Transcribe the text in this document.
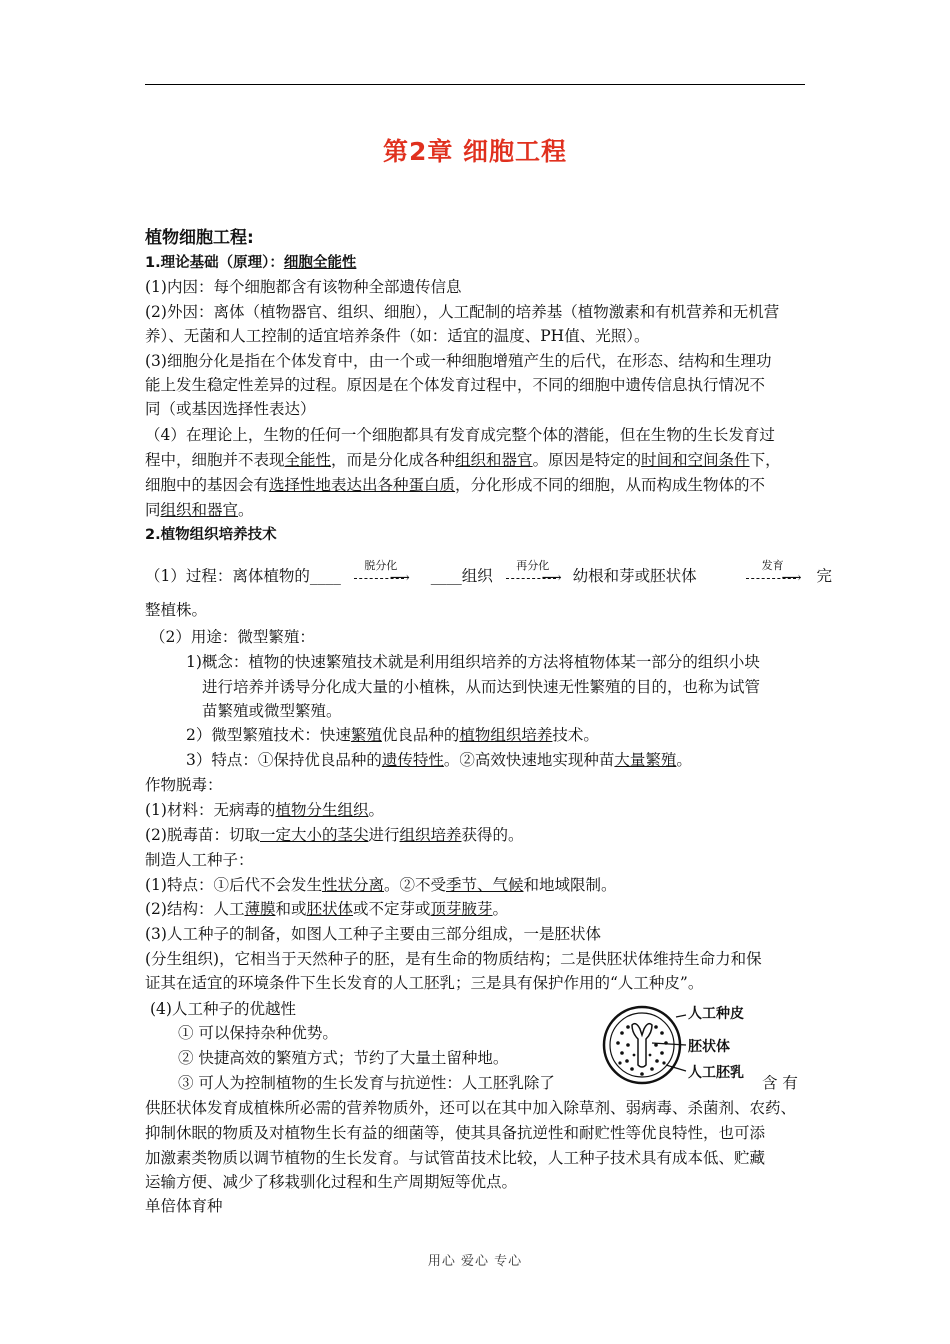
第2章 细胞工程
植物细胞工程:
1.理论基础（原理）：细胞全能性
(1)内因：每个细胞都含有该物种全部遗传信息
(2)外因：离体（植物器官、组织、细胞），人工配制的培养基（植物激素和有机营养和无机营
养）、无菌和人工控制的适宜培养条件（如：适宜的温度、PH值、光照）。
(3)细胞分化是指在个体发育中，由一个或一种细胞增殖产生的后代，在形态、结构和生理功
能上发生稳定性差异的过程。原因是在个体发育过程中，不同的细胞中遗传信息执行情况不
同（或基因选择性表达）
（4）在理论上，生物的任何一个细胞都具有发育成完整个体的潜能，但在生物的生长发育过
程中，细胞并不表现全能性，而是分化成各种组织和器官。原因是特定的时间和空间条件下，
细胞中的基因会有选择性地表达出各种蛋白质，分化形成不同的细胞，从而构成生物体的不
同组织和器官。
2.植物组织培养技术
（1）过程：离体植物的____
脱分化
⟶ ____组织
再分化
⟶ 幼根和芽或胚状体
发育
⟶ 完
整植株。
（2）用途：微型繁殖：
1)概念：植物的快速繁殖技术就是利用组织培养的方法将植物体某一部分的组织小块
进行培养并诱导分化成大量的小植株，从而达到快速无性繁殖的目的，也称为试管
苗繁殖或微型繁殖。
2）微型繁殖技术：快速繁殖优良品种的植物组织培养技术。
3）特点：①保持优良品种的遗传特性。②高效快速地实现种苗大量繁殖。
作物脱毒：
(1)材料：无病毒的植物分生组织。
(2)脱毒苗：切取一定大小的茎尖进行组织培养获得的。
制造人工种子：
(1)特点：①后代不会发生性状分离。②不受季节、气候和地域限制。
(2)结构：人工薄膜和或胚状体或不定芽或顶芽腋芽。
(3)人工种子的制备，如图人工种子主要由三部分组成，一是胚状体
(分生组织)，它相当于天然种子的胚，是有生命的物质结构；二是供胚状体维持生命力和保
证其在适宜的环境条件下生长发育的人工胚乳；三是具有保护作用的“人工种皮”。
(4)人工种子的优越性
① 可以保持杂种优势。
② 快捷高效的繁殖方式；节约了大量土留种地。
③ 可人为控制植物的生长发育与抗逆性：人工胚乳除了	含 有
供胚状体发育成植株所必需的营养物质外，还可以在其中加入除草剂、弱病毒、杀菌剂、农药、
抑制休眠的物质及对植物生长有益的细菌等，使其具备抗逆性和耐贮性等优良特性，也可添
加激素类物质以调节植物的生长发育。与试管苗技术比较，人工种子技术具有成本低、贮藏
运输方便、减少了移栽驯化过程和生产周期短等优点。
单倍体育种
人工种皮
胚状体
人工胚乳
用心 爱心 专心
